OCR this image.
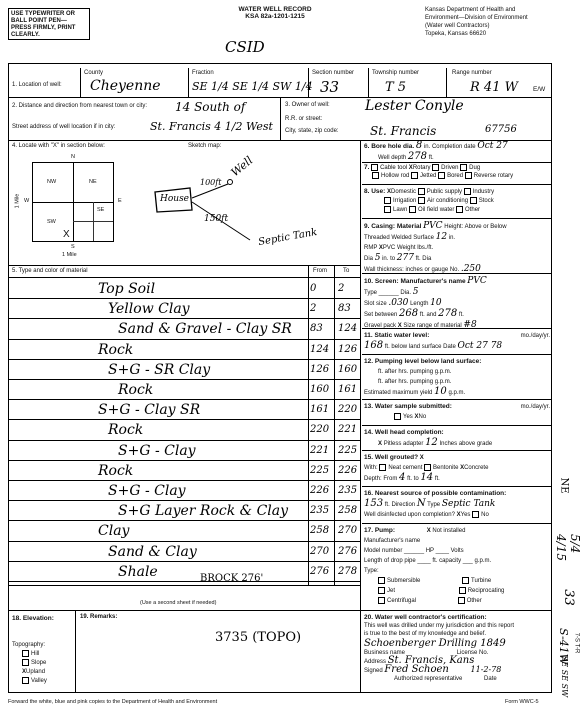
USE TYPEWRITER OR BALL POINT PEN—PRESS FIRMLY, PRINT CLEARLY.
WATER WELL RECORD
KSA 82a-1201-1215
CSID
Kansas Department of Health and
Environment—Division of Environment
(Water well Contractors)
Topeka, Kansas 66620
1. Location of well:
County
Cheyenne
Fraction
SE 1/4 SE 1/4 SW 1/4
Section number
33
Township number
T 5
Range number
R 41 W E/W
2. Distance and direction from nearest town or city: 14 South of
Street address of well location if in city:	St. Francis 4 1/2 West
3. Owner of well:	Lester Conyle
R.R. or street:
City, state, zip code:	St. Francis	67756
4. Locate with "X" in section below:	Sketch map:
NW	NE
SW
SE
X
N
S
W	E
1 Mile
1 Mile	House
Well
100ft
150ft
Septic Tank
5. Type and color of material	From	To
Top Soil	0 2
Yellow Clay	2 83
Sand & Gravel - Clay SR 83 124
Rock	124 126
S+G - SR Clay	126 160
Rock	160 161
S+G - Clay SR	161 220
Rock	220 221
S+G - Clay	221 225
Rock	225 226
S+G - Clay	226 235
S+G Layer Rock & Clay 235 258
Clay	258 270
Sand & Clay	270 276
Shale	276 278
BROCK 276'
(Use a second sheet if needed)
6. Bore hole dia. 8 in. Completion date Oct 27
Well depth 278 ft.
7. Cable tool XRotary Driven Dug
Hollow rod Jetted Bored Reverse rotary
8. Use: XDomestic Public supply Industry
Irrigation Air conditioning Stock
Lawn Oil field water Other
9. Casing: Material PVC Height: Above or Below
Threaded Welded Surface 12 in.
RMP XPVC Weight lbs./ft.
Dia 5 in. to 277 ft. Dia
Wall thickness: inches or gauge No. .250
10. Screen: Manufacturer's name PVC
Type ______ Dia. 5
Slot size .030 Length 10
Set between 268 ft. and 278 ft.
Gravel pack X Size range of material #8
11. Static water level:	mo./day/yr.
168 ft. below land surface Date Oct 27 78
12. Pumping level below land surface:
ft. after hrs. pumping g.p.m.
ft. after hrs. pumping g.p.m.
Estimated maximum yield 10 g.p.m.
13. Water sample submitted:	mo./day/yr.
Yes XNo
14. Well head completion:
X Pitless adapter 12 Inches above grade
15. Well grouted? X
With: Neat cement Bentonite XConcrete
Depth: From 4 ft. to 14 ft.
16. Nearest source of possible contamination:
153 ft. Direction N Type Septic Tank
Well disinfected upon completion? XYes No
17. Pump:	X Not installed
Manufacturer's name
Model number ______ HP ____ Volts
Length of drop pipe ____ ft. capacity ___ g.p.m.
Type:
Submersible	Turbine
Jet	Reciprocating
Centrifugal	Other
18. Elevation:
Topography:
Hill
Slope
XUpland
Valley
19. Remarks:
3735 (TOPO)
20. Water well contractor's certification:
This well was drilled under my jurisdiction and this report
is true to the best of my knowledge and belief.
Schoenberger Drilling 1849
Business name	License No.
Address St. Francis, Kans
Signed Fred Schoen	11-2-78
Authorized representative	Date
Forward the white, blue and pink copies to the Department of Health and Environment	Form WWC-5
NE
5/4 4/15
33
S-41W
SE SE SW
7-S T-R
